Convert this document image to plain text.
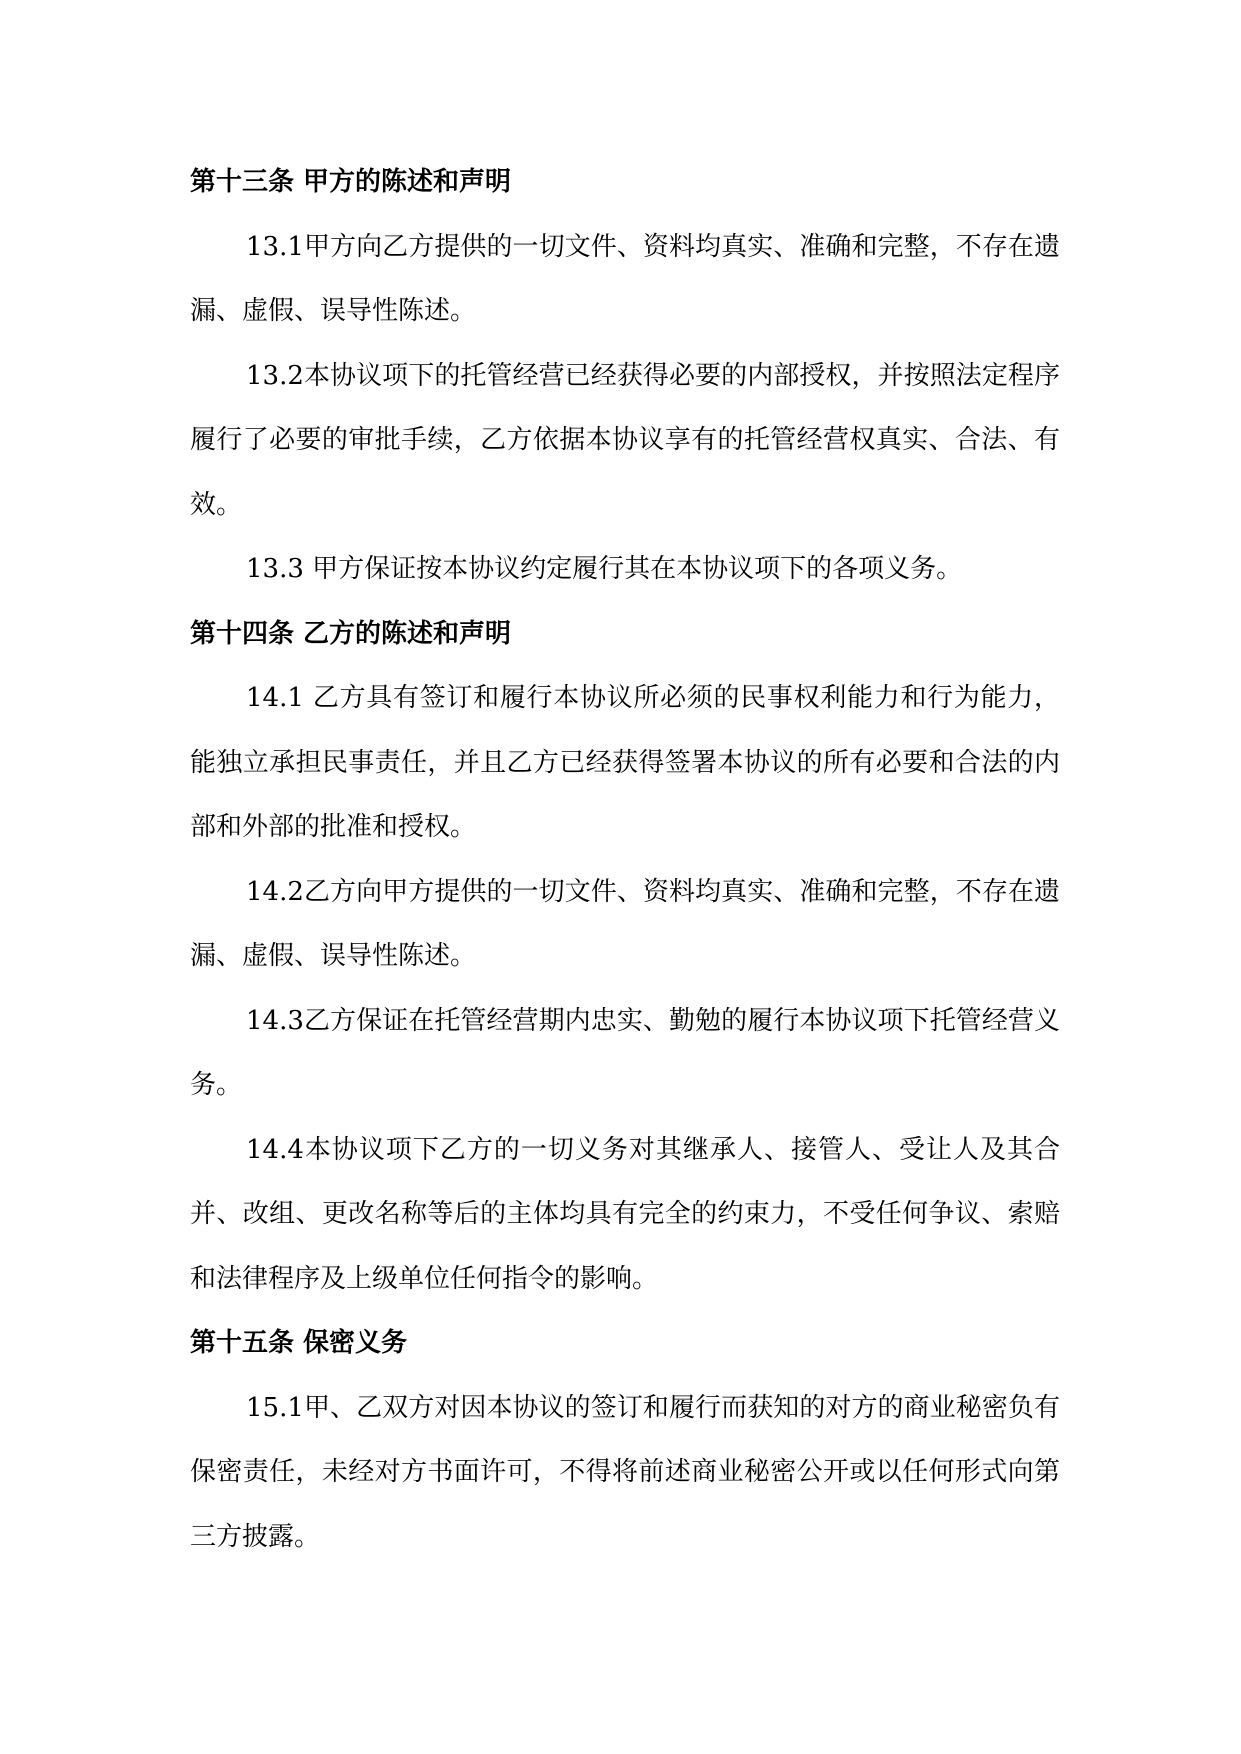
第十三条 甲方的陈述和声明

13.1甲方向乙方提供的一切文件、资料均真实、准确和完整，不存在遗漏、虚假、误导性陈述。

13.2本协议项下的托管经营已经获得必要的内部授权，并按照法定程序履行了必要的审批手续，乙方依据本协议享有的托管经营权真实、合法、有效。

13.3 甲方保证按本协议约定履行其在本协议项下的各项义务。

第十四条 乙方的陈述和声明

14.1 乙方具有签订和履行本协议所必须的民事权利能力和行为能力，能独立承担民事责任，并且乙方已经获得签署本协议的所有必要和合法的内部和外部的批准和授权。

14.2乙方向甲方提供的一切文件、资料均真实、准确和完整，不存在遗漏、虚假、误导性陈述。

14.3乙方保证在托管经营期内忠实、勤勉的履行本协议项下托管经营义务。

14.4本协议项下乙方的一切义务对其继承人、接管人、受让人及其合并、改组、更改名称等后的主体均具有完全的约束力，不受任何争议、索赔和法律程序及上级单位任何指令的影响。

第十五条 保密义务

15.1甲、乙双方对因本协议的签订和履行而获知的对方的商业秘密负有保密责任，未经对方书面许可，不得将前述商业秘密公开或以任何形式向第三方披露。
